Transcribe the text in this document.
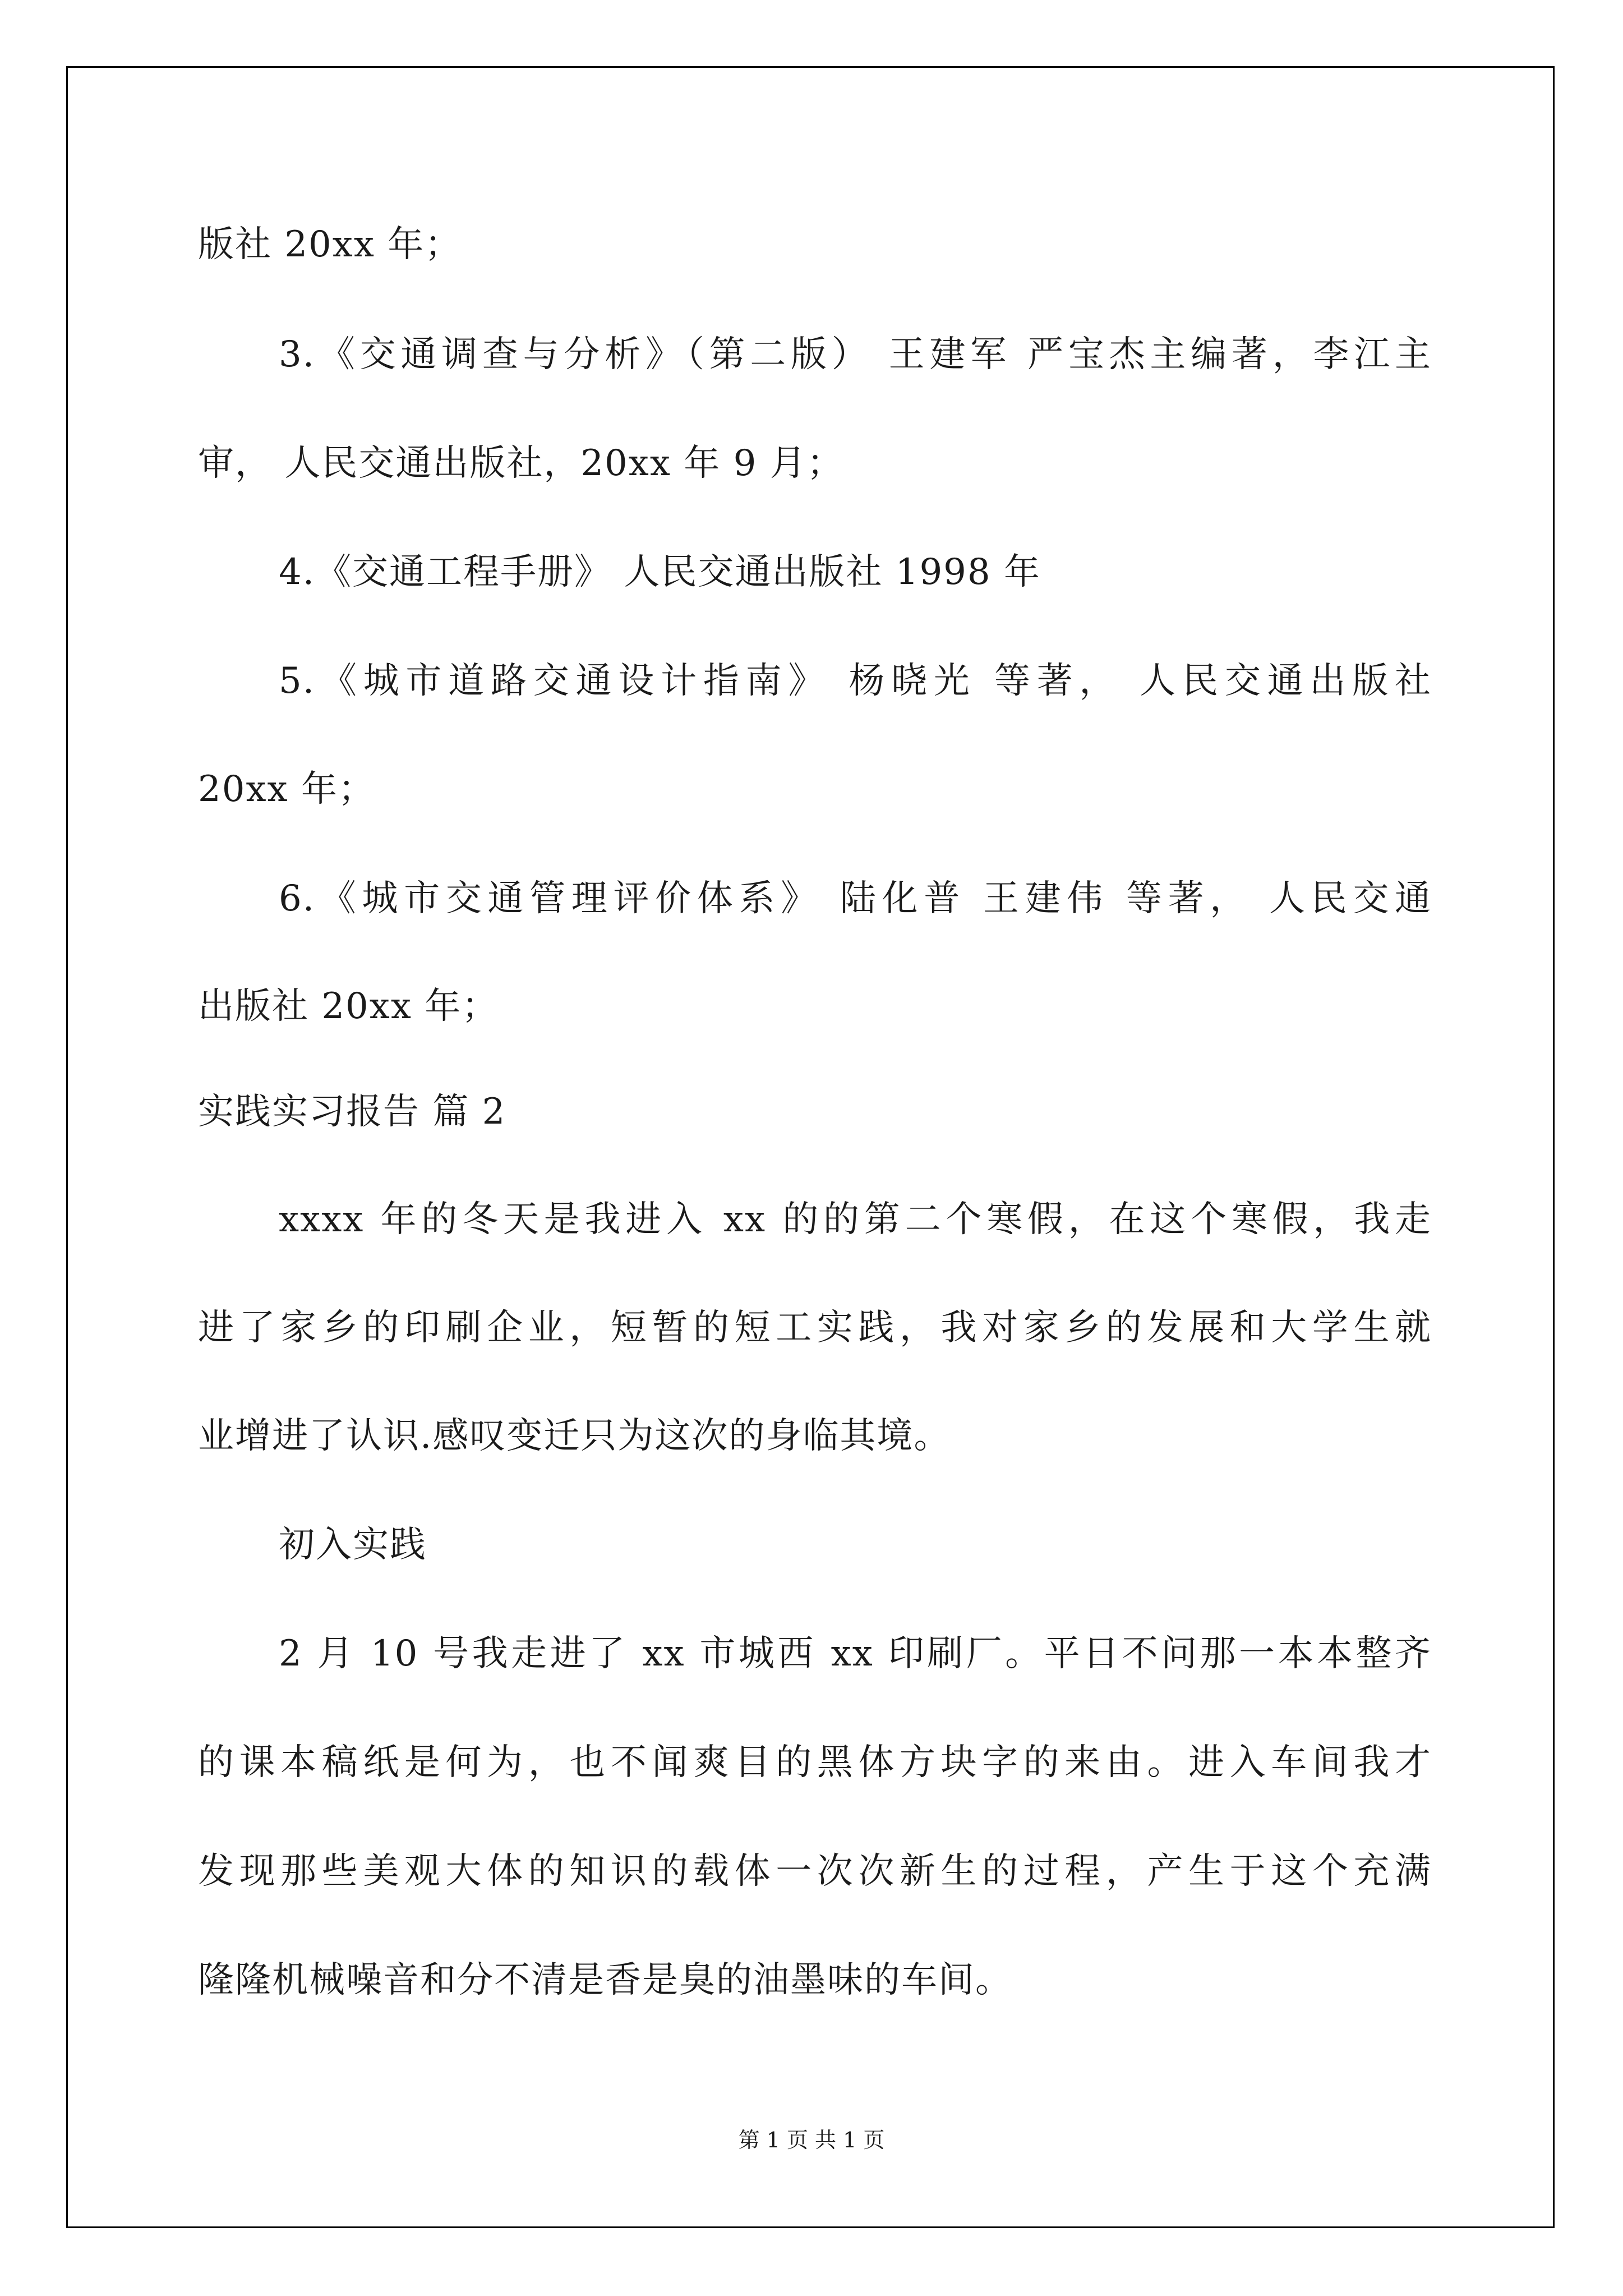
版社 20xx 年；
3.《交通调查与分析》（第二版） 王建军 严宝杰主编著，李江主
审， 人民交通出版社，20xx 年 9 月；
4.《交通工程手册》 人民交通出版社 1998 年
5.《城市道路交通设计指南》 杨晓光 等著， 人民交通出版社
20xx 年；
6.《城市交通管理评价体系》 陆化普 王建伟 等著， 人民交通
出版社 20xx 年；
实践实习报告 篇 2
xxxx 年的冬天是我进入 xx 的的第二个寒假，在这个寒假，我走
进了家乡的印刷企业，短暂的短工实践，我对家乡的发展和大学生就
业增进了认识.感叹变迁只为这次的身临其境。
初入实践
2 月 10 号我走进了 xx 市城西 xx 印刷厂。平日不问那一本本整齐
的课本稿纸是何为，也不闻爽目的黑体方块字的来由。进入车间我才
发现那些美观大体的知识的载体一次次新生的过程，产生于这个充满
隆隆机械噪音和分不清是香是臭的油墨味的车间。
第 1 页 共 1 页
